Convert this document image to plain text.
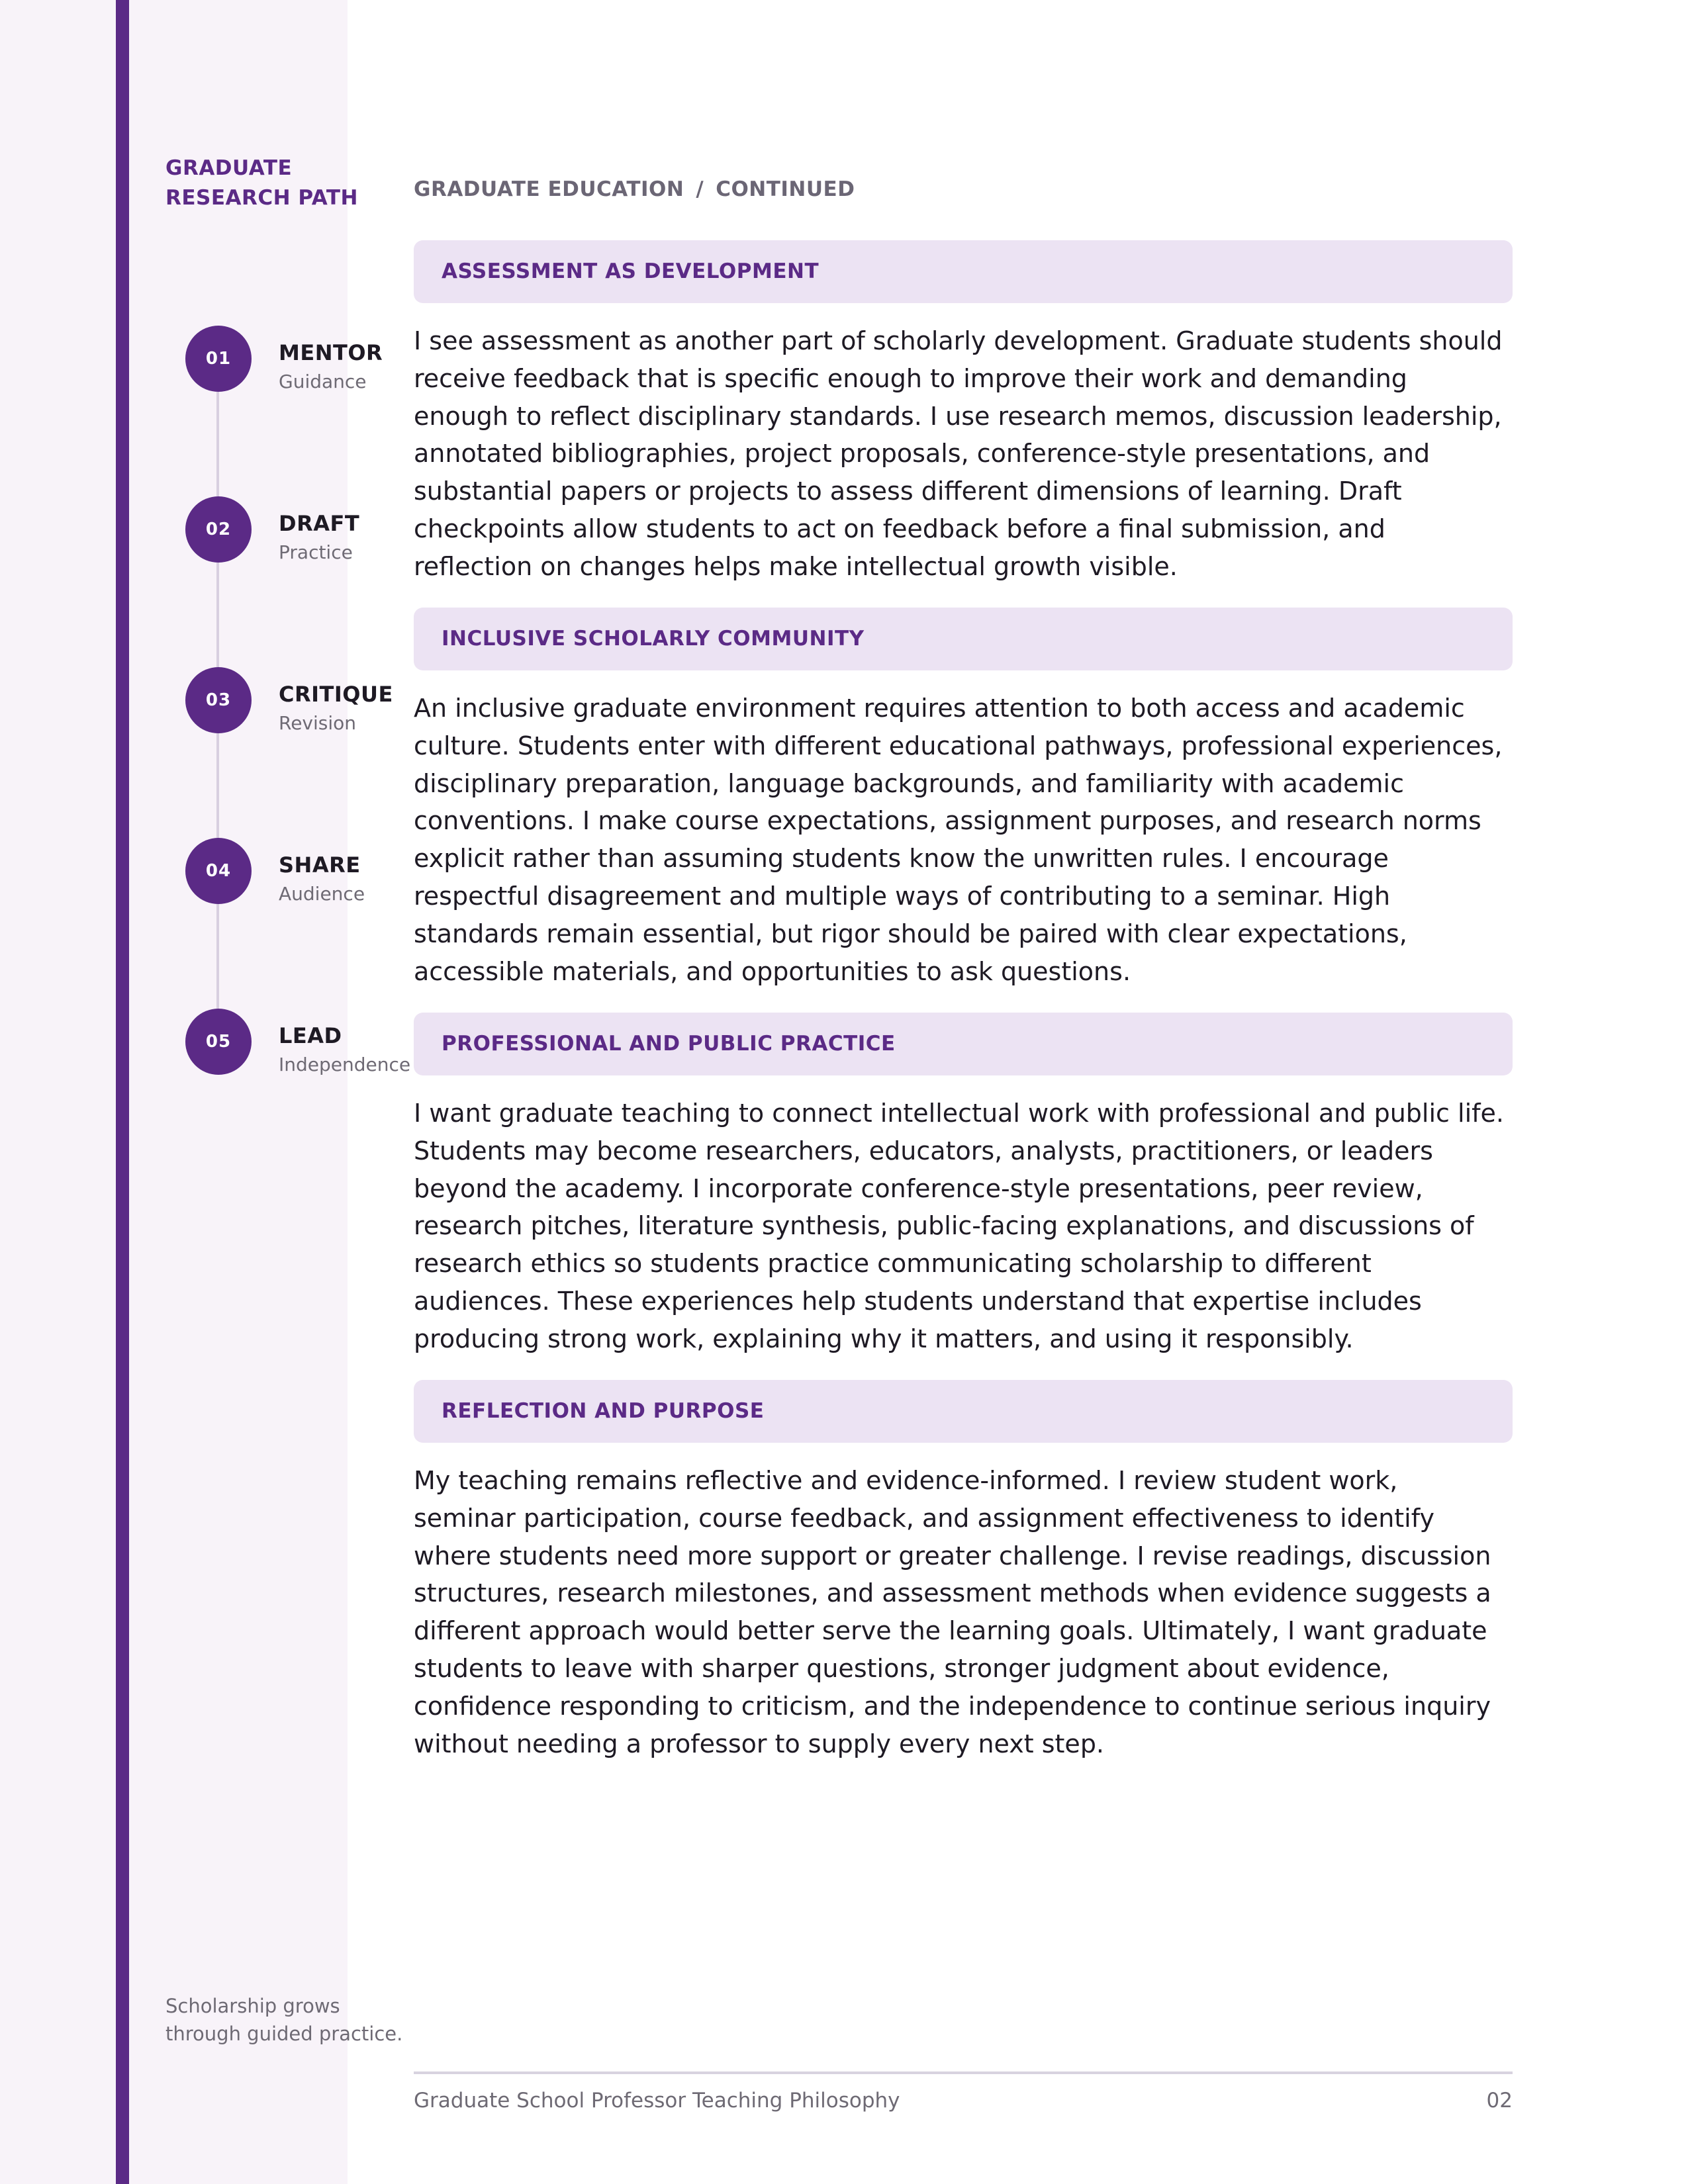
GRADUATE
RESEARCH PATH
01	MENTOR
Guidance
02	DRAFT
Practice
03	CRITIQUE
Revision
04	SHARE
Audience
05	LEAD
Independence
Scholarship grows
through guided practice.
GRADUATE EDUCATION / CONTINUED
ASSESSMENT AS DEVELOPMENT
I see assessment as another part of scholarly development. Graduate students should
receive feedback that is specific enough to improve their work and demanding
enough to reflect disciplinary standards. I use research memos, discussion leadership,
annotated bibliographies, project proposals, conference-style presentations, and
substantial papers or projects to assess different dimensions of learning. Draft
checkpoints allow students to act on feedback before a final submission, and
reflection on changes helps make intellectual growth visible.
INCLUSIVE SCHOLARLY COMMUNITY
An inclusive graduate environment requires attention to both access and academic
culture. Students enter with different educational pathways, professional experiences,
disciplinary preparation, language backgrounds, and familiarity with academic
conventions. I make course expectations, assignment purposes, and research norms
explicit rather than assuming students know the unwritten rules. I encourage
respectful disagreement and multiple ways of contributing to a seminar. High
standards remain essential, but rigor should be paired with clear expectations,
accessible materials, and opportunities to ask questions.
PROFESSIONAL AND PUBLIC PRACTICE
I want graduate teaching to connect intellectual work with professional and public life.
Students may become researchers, educators, analysts, practitioners, or leaders
beyond the academy. I incorporate conference-style presentations, peer review,
research pitches, literature synthesis, public-facing explanations, and discussions of
research ethics so students practice communicating scholarship to different
audiences. These experiences help students understand that expertise includes
producing strong work, explaining why it matters, and using it responsibly.
REFLECTION AND PURPOSE
My teaching remains reflective and evidence-informed. I review student work,
seminar participation, course feedback, and assignment effectiveness to identify
where students need more support or greater challenge. I revise readings, discussion
structures, research milestones, and assessment methods when evidence suggests a
different approach would better serve the learning goals. Ultimately, I want graduate
students to leave with sharper questions, stronger judgment about evidence,
confidence responding to criticism, and the independence to continue serious inquiry
without needing a professor to supply every next step.
Graduate School Professor Teaching Philosophy	02
